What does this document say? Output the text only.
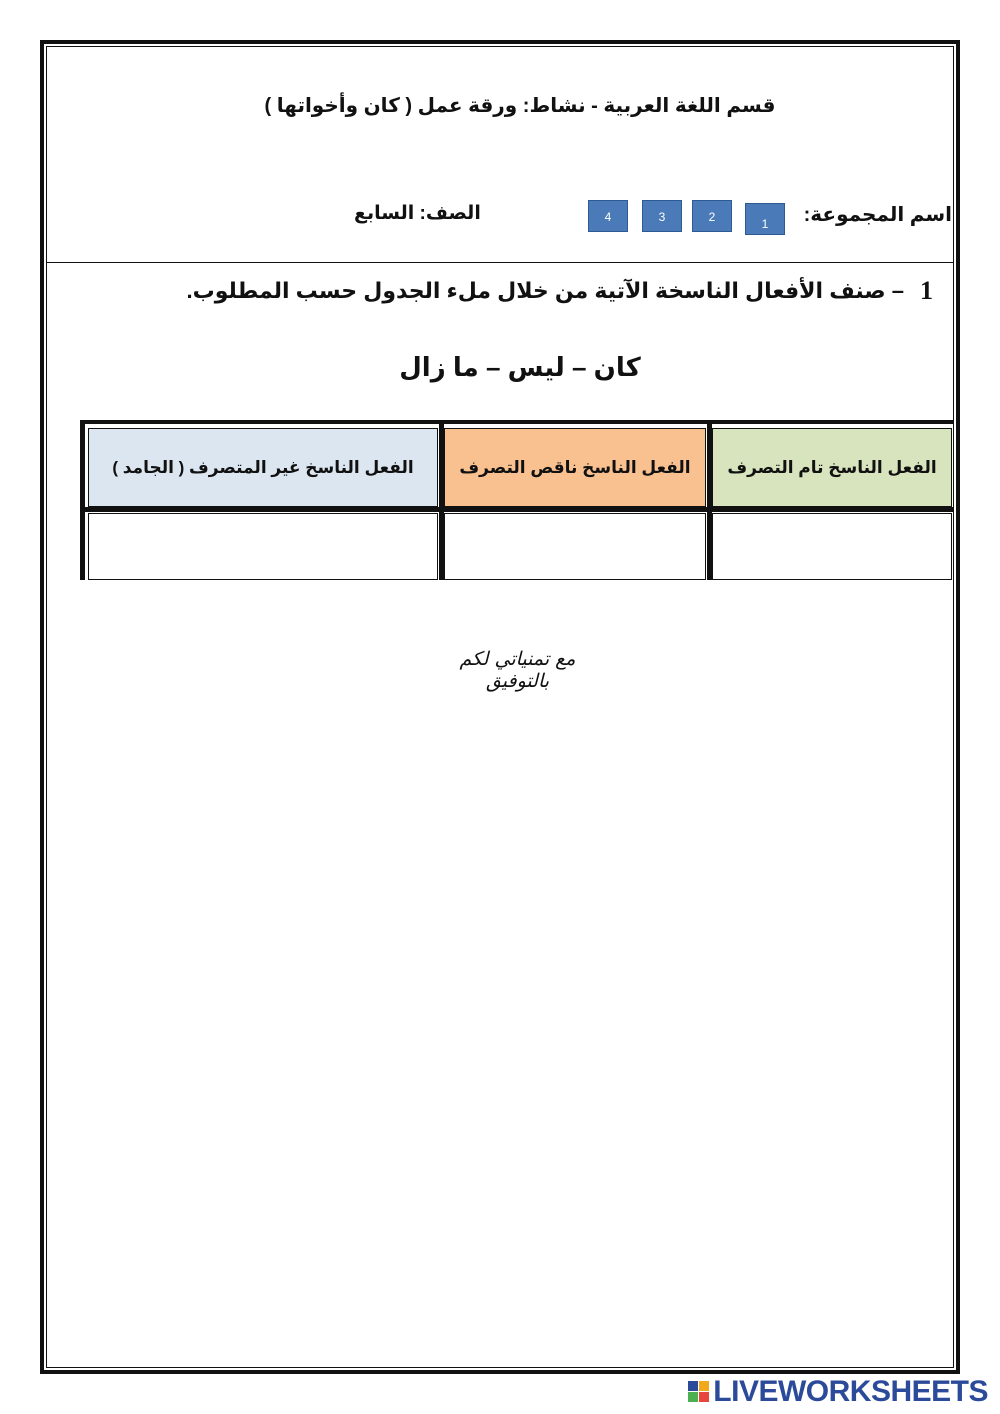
قسم اللغة العربية - نشاط: ورقة عمل ( كان وأخواتها )
اسم المجموعة:
1
2
3
4
الصف: السابع
1
– صنف الأفعال الناسخة الآتية من خلال ملء الجدول حسب المطلوب.
كان – ليس – ما زال
الفعل الناسخ تام التصرف
الفعل الناسخ ناقص التصرف
الفعل الناسخ غير المتصرف ( الجامد )
مع تمنياتي لكم بالتوفيق
LIVEWORKSHEETS
